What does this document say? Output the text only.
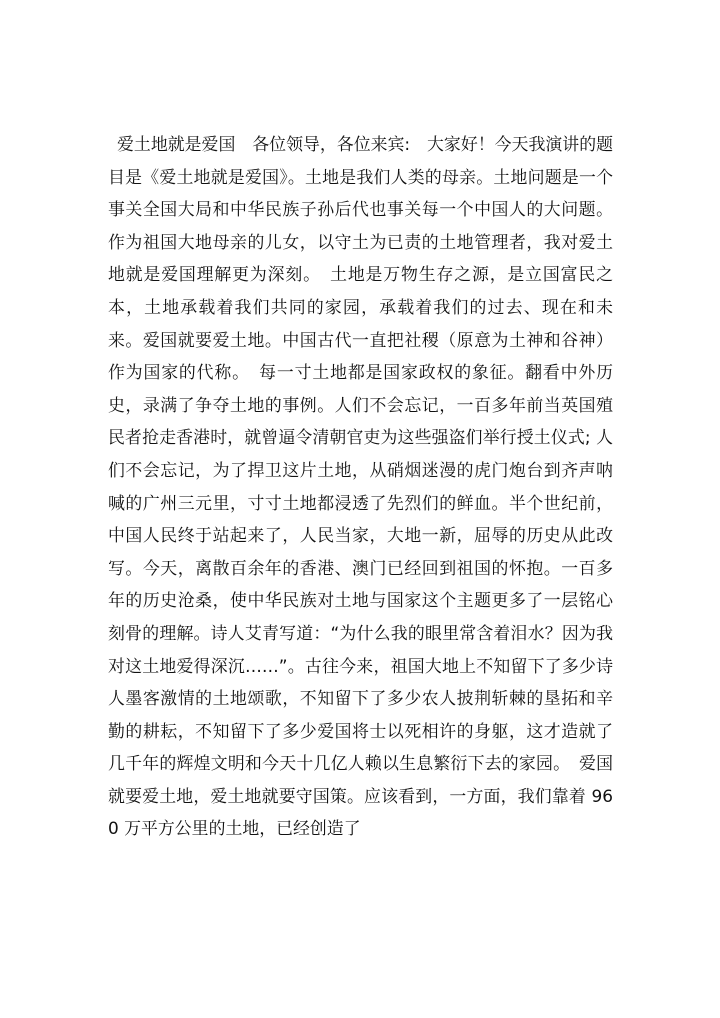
爱土地就是爱国　各位领导，各位来宾:　大家好！今天我演讲的题目是《爱土地就是爱国》。土地是我们人类的母亲。土地问题是一个事关全国大局和中华民族子孙后代也事关每一个中国人的大问题。作为祖国大地母亲的儿女，以守土为已责的土地管理者，我对爱土地就是爱国理解更为深刻。　土地是万物生存之源，是立国富民之本，土地承载着我们共同的家园，承载着我们的过去、现在和未来。爱国就要爱土地。中国古代一直把社稷（原意为土神和谷神）作为国家的代称。　每一寸土地都是国家政权的象征。翻看中外历史，录满了争夺土地的事例。人们不会忘记，一百多年前当英国殖民者抢走香港时，就曾逼令清朝官吏为这些强盗们举行授土仪式; 人们不会忘记，为了捍卫这片土地，从硝烟迷漫的虎门炮台到齐声呐喊的广州三元里，寸寸土地都浸透了先烈们的鲜血。半个世纪前，中国人民终于站起来了，人民当家，大地一新，屈辱的历史从此改写。今天，离散百余年的香港、澳门已经回到祖国的怀抱。一百多年的历史沧桑，使中华民族对土地与国家这个主题更多了一层铭心刻骨的理解。诗人艾青写道：“为什么我的眼里常含着泪水？因为我对这土地爱得深沉……”。古往今来，祖国大地上不知留下了多少诗人墨客激情的土地颂歌，不知留下了多少农人披荆斩棘的垦拓和辛勤的耕耘，不知留下了多少爱国将士以死相许的身躯，这才造就了几千年的辉煌文明和今天十几亿人赖以生息繁衍下去的家园。　爱国就要爱土地，爱土地就要守国策。应该看到，一方面，我们靠着 960 万平方公里的土地，已经创造了
